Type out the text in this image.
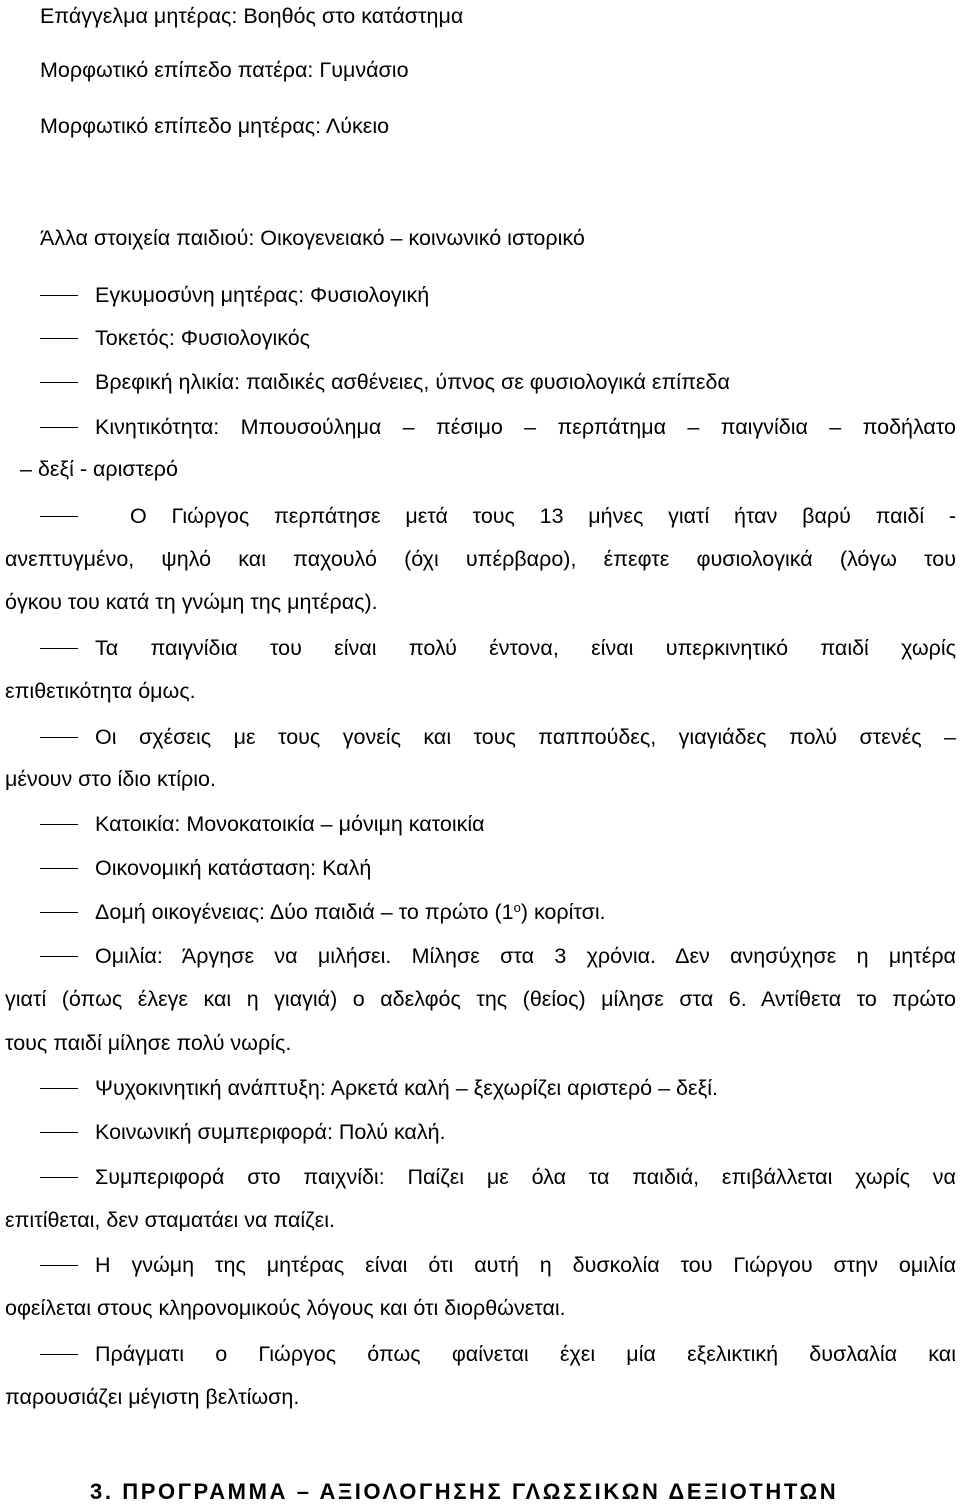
Επάγγελμα μητέρας: Βοηθός στο κατάστημα
Μορφωτικό επίπεδο πατέρα: Γυμνάσιο
Μορφωτικό επίπεδο μητέρας: Λύκειο
Άλλα στοιχεία παιδιού: Οικογενειακό – κοινωνικό ιστορικό
Εγκυμοσύνη μητέρας: Φυσιολογική
Τοκετός: Φυσιολογικός
Βρεφική ηλικία: παιδικές ασθένειες, ύπνος σε φυσιολογικά επίπεδα
Κινητικότητα: Μπουσούλημα – πέσιμο – περπάτημα – παιγνίδια – ποδήλατο
– δεξί - αριστερό
Ο Γιώργος περπάτησε μετά τους 13 μήνες γιατί ήταν βαρύ παιδί -
ανεπτυγμένο, ψηλό και παχουλό (όχι υπέρβαρο), έπεφτε φυσιολογικά (λόγω του
όγκου του κατά τη γνώμη της μητέρας).
Τα παιγνίδια του είναι πολύ έντονα, είναι υπερκινητικό παιδί χωρίς
επιθετικότητα όμως.
Οι σχέσεις με τους γονείς και τους παππούδες, γιαγιάδες πολύ στενές –
μένουν στο ίδιο κτίριο.
Κατοικία: Μονοκατοικία – μόνιμη κατοικία
Οικονομική κατάσταση: Καλή
Δομή οικογένειας: Δύο παιδιά – το πρώτο $(1^o)$ κορίτσι.
Ομιλία: Άργησε να μιλήσει. Μίλησε στα 3 χρόνια. Δεν ανησύχησε η μητέρα
γιατί (όπως έλεγε και η γιαγιά) ο αδελφός της (θείος) μίλησε στα 6. Αντίθετα το πρώτο
τους παιδί μίλησε πολύ νωρίς.
Ψυχοκινητική ανάπτυξη: Αρκετά καλή – ξεχωρίζει αριστερό – δεξί.
Κοινωνική συμπεριφορά: Πολύ καλή.
Συμπεριφορά στο παιχνίδι: Παίζει με όλα τα παιδιά, επιβάλλεται χωρίς να
επιτίθεται, δεν σταματάει να παίζει.
Η γνώμη της μητέρας είναι ότι αυτή η δυσκολία του Γιώργου στην ομιλία
οφείλεται στους κληρονομικούς λόγους και ότι διορθώνεται.
Πράγματι ο Γιώργος όπως φαίνεται έχει μία εξελικτική δυσλαλία και
παρουσιάζει μέγιστη βελτίωση.
3. ΠΡΟΓΡΑΜΜΑ – ΑΞΙΟΛΟΓΗΣΗΣ ΓΛΩΣΣΙΚΩΝ ΔΕΞΙΟΤΗΤΩΝ
